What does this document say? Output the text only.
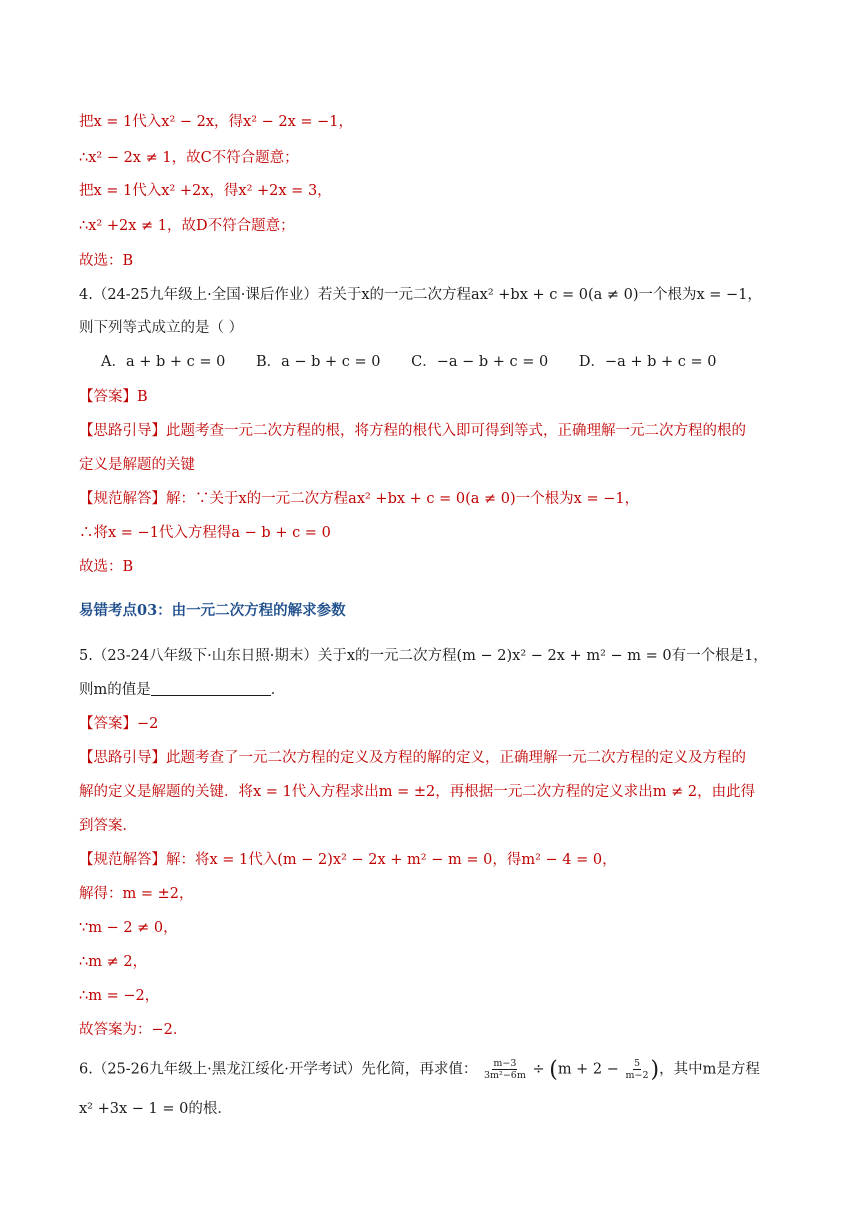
把x = 1代入x² − 2x，得x² − 2x = −1，
∴x² − 2x ≠ 1，故C不符合题意；
把x = 1代入x² +2x，得x² +2x = 3，
∴x² +2x ≠ 1，故D不符合题意；
故选：B
4.（24-25九年级上·全国·课后作业）若关于x的一元二次方程ax² +bx + c = 0(a ≠ 0)一个根为x = −1，
则下列等式成立的是（ ）
A．a + b + c = 0 B．a − b + c = 0 C．−a − b + c = 0 D．−a + b + c = 0
【答案】B
【思路引导】此题考查一元二次方程的根，将方程的根代入即可得到等式，正确理解一元二次方程的根的
定义是解题的关键
【规范解答】解：∵关于x的一元二次方程ax² +bx + c = 0(a ≠ 0)一个根为x = −1，
∴将x = −1代入方程得a − b + c = 0
故选：B
易错考点03：由一元二次方程的解求参数
5.（23-24八年级下·山东日照·期末）关于x的一元二次方程(m − 2)x² − 2x + m² − m = 0有一个根是1，
则m的值是	．
【答案】−2
【思路引导】此题考查了一元二次方程的定义及方程的解的定义，正确理解一元二次方程的定义及方程的
解的定义是解题的关键．将x = 1代入方程求出m = ±2，再根据一元二次方程的定义求出m ≠ 2，由此得
到答案．
【规范解答】解：将x = 1代入(m − 2)x² − 2x + m² − m = 0，得m² − 4 = 0，
解得：m = ±2，
∵m − 2 ≠ 0，
∴m ≠ 2，
∴m = −2，
故答案为：−2．
6.（25-26九年级上·黑龙江绥化·开学考试）先化简，再求值： $\frac{m-3}{\text{3m²−6m}} \div (m + 2 - \frac{5}{m-2}$ )，其中m是方程
x² +3x − 1 = 0的根．
